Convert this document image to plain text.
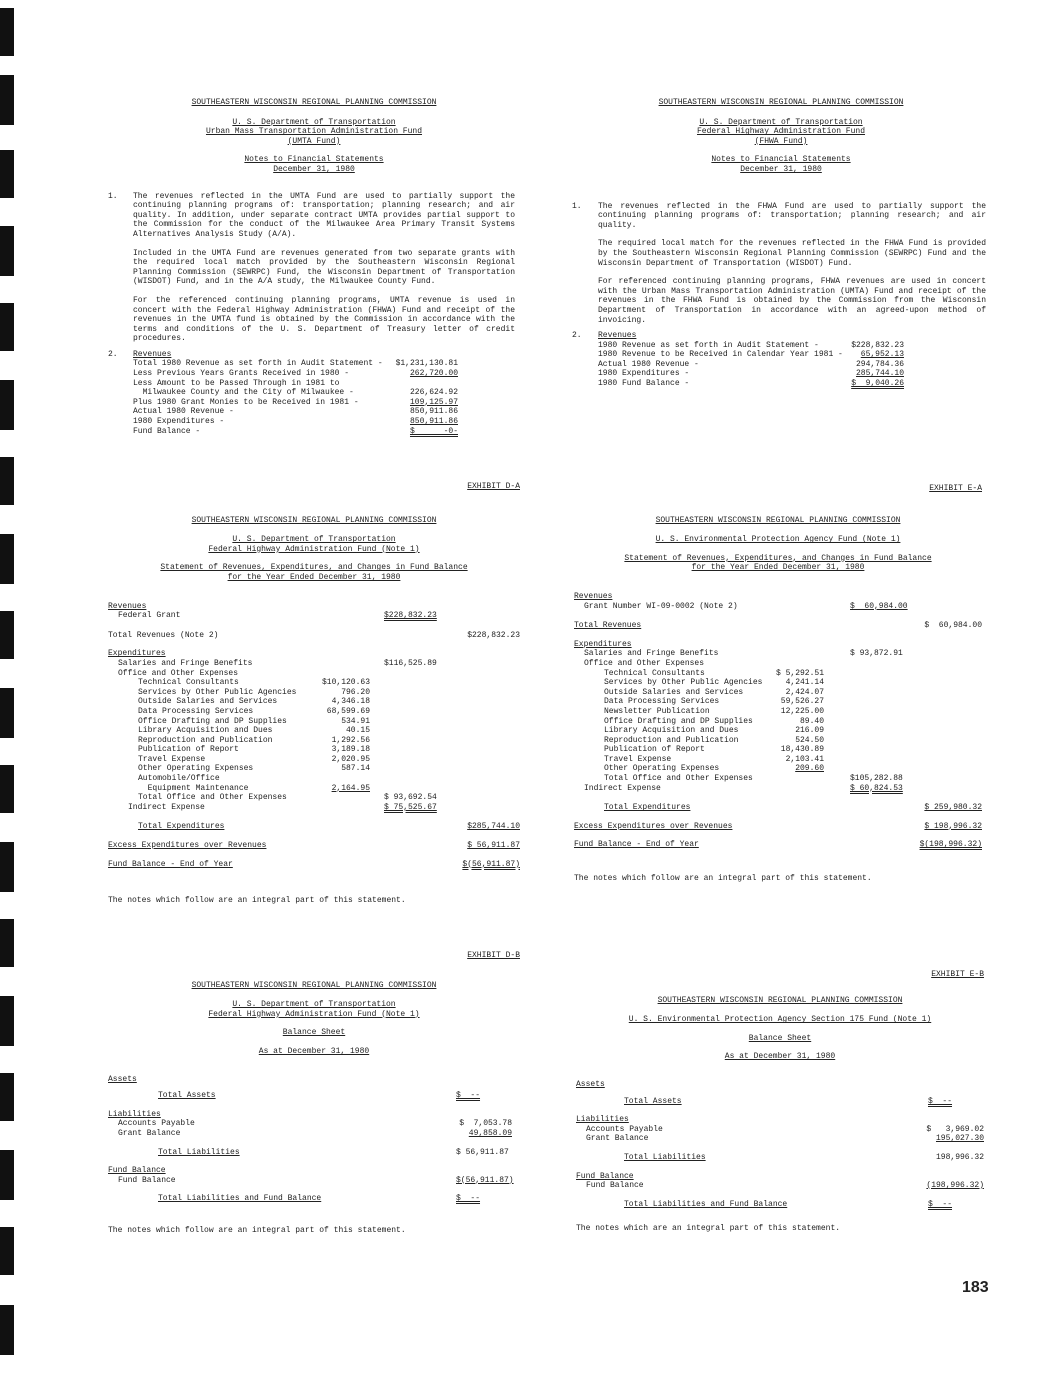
SOUTHEASTERN WISCONSIN REGIONAL PLANNING COMMISSION
U. S. Department of Transportation
Urban Mass Transportation Administration Fund
(UMTA Fund)
Notes to Financial Statements
December 31, 1980
1.	The revenues reflected in the UMTA Fund are used to partially support the continuing planning programs of: transportation; planning research; and air quality. In addition, under separate contract UMTA provides partial support to the Commission for the conduct of the Milwaukee Area Primary Transit Systems Alternatives Analysis Study (A/A).
Included in the UMTA Fund are revenues generated from two separate grants with the required local match provided by the Southeastern Wisconsin Regional Planning Commission (SEWRPC) Fund, the Wisconsin Department of Transportation (WISDOT) Fund, and in the A/A study, the Milwaukee County Fund.
For the referenced continuing planning programs, UMTA revenue is used in concert with the Federal Highway Administration (FHWA) Fund and receipt of the revenues in the UMTA fund is obtained by the Commission in accordance with the terms and conditions of the U. S. Department of Treasury letter of credit procedures.
2.	Revenues
Total 1980 Revenue as set forth in Audit Statement - $1,231,130.81
Less Previous Years Grants Received in 1980 -	262,720.00
Less Amount to be Passed Through in 1981 to
Milwaukee County and the City of Milwaukee -	226,624.92
Plus 1980 Grant Monies to be Received in 1981 -	109,125.97
Actual 1980 Revenue -	850,911.86
1980 Expenditures -	850,911.86
Fund Balance -	$      -0-
SOUTHEASTERN WISCONSIN REGIONAL PLANNING COMMISSION
U. S. Department of Transportation
Federal Highway Administration Fund
(FHWA Fund)
Notes to Financial Statements
December 31, 1980
1.	The revenues reflected in the FHWA Fund are used to partially support the continuing planning programs of: transportation; planning research; and air quality.
The required local match for the revenues reflected in the FHWA Fund is provided by the Southeastern Wisconsin Regional Planning Commission (SEWRPC) Fund and the Wisconsin Department of Transportation (WISDOT) Fund.
For referenced continuing planning programs, FHWA revenues are used in concert with the Urban Mass Transportation Administration (UMTA) Fund and receipt of the revenues in the FHWA Fund is obtained by the Commission from the Wisconsin Department of Transportation in accordance with an agreed-upon method of invoicing.
2.	Revenues
1980 Revenue as set forth in Audit Statement -	$228,832.23
1980 Revenue to be Received in Calendar Year 1981 - 65,952.13
Actual 1980 Revenue -	294,784.36
1980 Expenditures -	285,744.10
1980 Fund Balance -	$  9,040.26
EXHIBIT D-A
SOUTHEASTERN WISCONSIN REGIONAL PLANNING COMMISSION
U. S. Department of Transportation
Federal Highway Administration Fund (Note 1)
Statement of Revenues, Expenditures, and Changes in Fund Balance
for the Year Ended December 31, 1980
Revenues
Federal Grant	$228,832.23
Total Revenues (Note 2)	$228,832.23
Expenditures
Salaries and Fringe Benefits	$116,525.89
Office and Other Expenses
Technical Consultants	$10,120.63
Services by Other Public Agencies	796.20
Outside Salaries and Services	4,346.18
Data Processing Services	68,599.69
Office Drafting and DP Supplies	534.91
Library Acquisition and Dues	40.15
Reproduction and Publication	1,292.56
Publication of Report	3,189.18
Travel Expense	2,020.95
Other Operating Expenses	587.14
Automobile/Office
Equipment Maintenance	2,164.95
Total Office and Other Expenses	$ 93,692.54
Indirect Expense	$ 75,525.67
Total Expenditures	$285,744.10
Excess Expenditures over Revenues	$ 56,911.87
Fund Balance - End of Year	$(56,911.87)
The notes which follow are an integral part of this statement.
EXHIBIT E-A
SOUTHEASTERN WISCONSIN REGIONAL PLANNING COMMISSION
U. S. Environmental Protection Agency Fund (Note 1)
Statement of Revenues, Expenditures, and Changes in Fund Balance
for the Year Ended December 31, 1980
Revenues
Grant Number WI-09-0002 (Note 2)	$  60,984.00
Total Revenues	$  60,984.00
Expenditures
Salaries and Fringe Benefits	$ 93,872.91
Office and Other Expenses
Technical Consultants	$ 5,292.51
Services by Other Public Agencies	4,241.14
Outside Salaries and Services	2,424.07
Data Processing Services	59,526.27
Newsletter Publication	12,225.00
Office Drafting and DP Supplies	89.40
Library Acquisition and Dues	216.09
Reproduction and Publication	524.50
Publication of Report	18,430.89
Travel Expense	2,103.41
Other Operating Expenses	209.60
Total Office and Other Expenses	$105,282.88
Indirect Expense	$ 60,824.53
Total Expenditures	$ 259,980.32
Excess Expenditures over Revenues	$ 198,996.32
Fund Balance - End of Year	$(198,996.32)
The notes which follow are an integral part of this statement.
EXHIBIT D-B
SOUTHEASTERN WISCONSIN REGIONAL PLANNING COMMISSION
U. S. Department of Transportation
Federal Highway Administration Fund (Note 1)
Balance Sheet
As at December 31, 1980
Assets
Total Assets	$  --
Liabilities
Accounts Payable	$  7,053.78
Grant Balance	49,858.09
Total Liabilities	$ 56,911.87
Fund Balance
Fund Balance	$(56,911.87)
Total Liabilities and Fund Balance	$  --
The notes which follow are an integral part of this statement.
EXHIBIT E-B
SOUTHEASTERN WISCONSIN REGIONAL PLANNING COMMISSION
U. S. Environmental Protection Agency Section 175 Fund (Note 1)
Balance Sheet
As at December 31, 1980
Assets
Total Assets	$  --
Liabilities
Accounts Payable	$   3,969.02
Grant Balance	195,027.30
Total Liabilities	198,996.32
Fund Balance
Fund Balance	(198,996.32)
Total Liabilities and Fund Balance	$  --
The notes which are an integral part of this statement.
183
